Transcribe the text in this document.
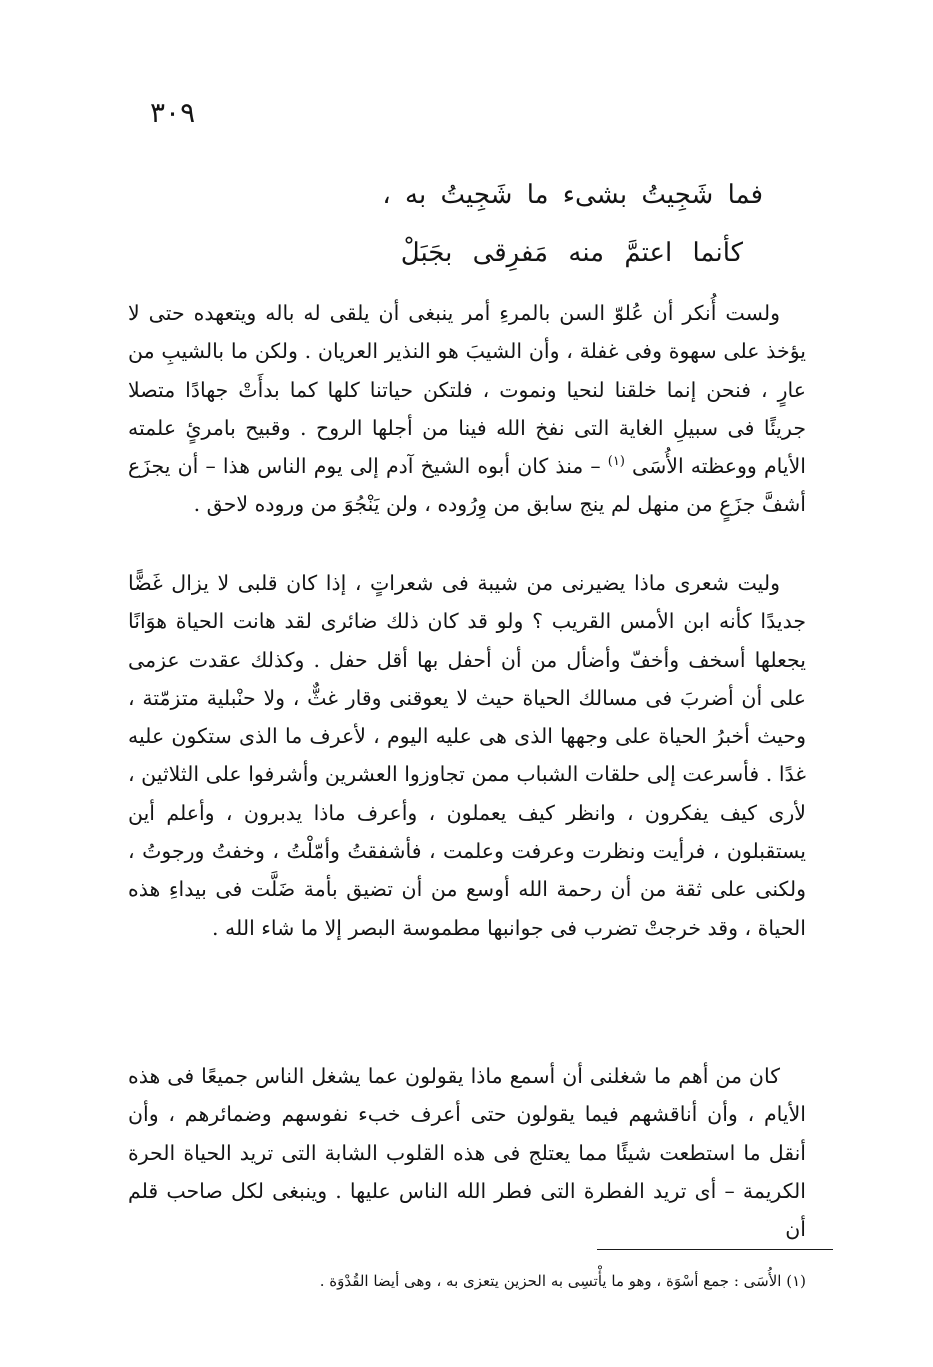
٣٠٩
فما شَجِيتُ بشىء ما شَجِيتُ به ،
كأنما اعتمَّ منه مَفرِقى بجَبَلْ

ولست أُنكر أن عُلوّ السن بالمرءِ أمر ينبغى أن يلقى له باله ويتعهده حتى لا يؤخذ على سهوة وفى غفلة ، وأن الشيبَ هو النذير العريان . ولكن ما بالشيبِ من عارٍ ، فنحن إنما خلقنا لنحيا ونموت ، فلتكن حياتنا كلها كما بدأَتْ جهادًا متصلا جريئًا فى سبيلِ الغاية التى نفخ الله فينا من أجلها الروح . وقبيح بامرئٍ علمته الأيام ووعظته الأُسَى $^{(١)}$ – منذ كان أبوه الشيخ آدم إلى يوم الناس هذا – أن يجزَع أشفَّ جزَعٍ من منهل لم ينج سابق من وِرُوده ، ولن يَنْجُوَ من وروده لاحق .

وليت شعرى ماذا يضيرنى من شيبة فى شعراتٍ ، إذا كان قلبى لا يزال غَضًّا جديدًا كأنه ابن الأمس القريب ؟ ولو قد كان ذلك ضائرى لقد هانت الحياة هوَانًا يجعلها أسخف وأخفّ وأضأل من أن أحفل بها أقل حفل . وكذلك عقدت عزمى على أن أضربَ فى مسالك الحياة حيث لا يعوقنى وقار غثٌّ ، ولا حنْبلية متزمّتة ، وحيث أخبرُ الحياة على وجهها الذى هى عليه اليوم ، لأعرف ما الذى ستكون عليه غدًا . فأسرعت إلى حلقات الشباب ممن تجاوزوا العشرين وأشرفوا على الثلاثين ، لأرى كيف يفكرون ، وانظر كيف يعملون ، وأعرف ماذا يدبرون ، وأعلم أين يستقبلون ، فرأيت ونظرت وعرفت وعلمت ، فأشفقتُ وأمّلْتُ ، وخفتُ ورجوتُ ، ولكنى على ثقة من أن رحمة الله أوسع من أن تضيق بأمة ضَلَّت فى بيداءِ هذه الحياة ، وقد خرجتْ تضرب فى جوانبها مطموسة البصر إلا ما شاء الله .

كان من أهم ما شغلنى أن أسمع ماذا يقولون عما يشغل الناس جميعًا فى هذه الأيام ، وأن أناقشهم فيما يقولون حتى أعرف خبء نفوسهم وضمائرهم ، وأن أنقل ما استطعت شيئًا مما يعتلج فى هذه القلوب الشابة التى تريد الحياة الحرة الكريمة – أى تريد الفطرة التى فطر الله الناس عليها . وينبغى لكل صاحب قلم أن

(١) الأُسَى : جمع أسْوَة ، وهو ما يأْتسِى به الحزين يتعزى به ، وهى أيضا القُدْوَة .
